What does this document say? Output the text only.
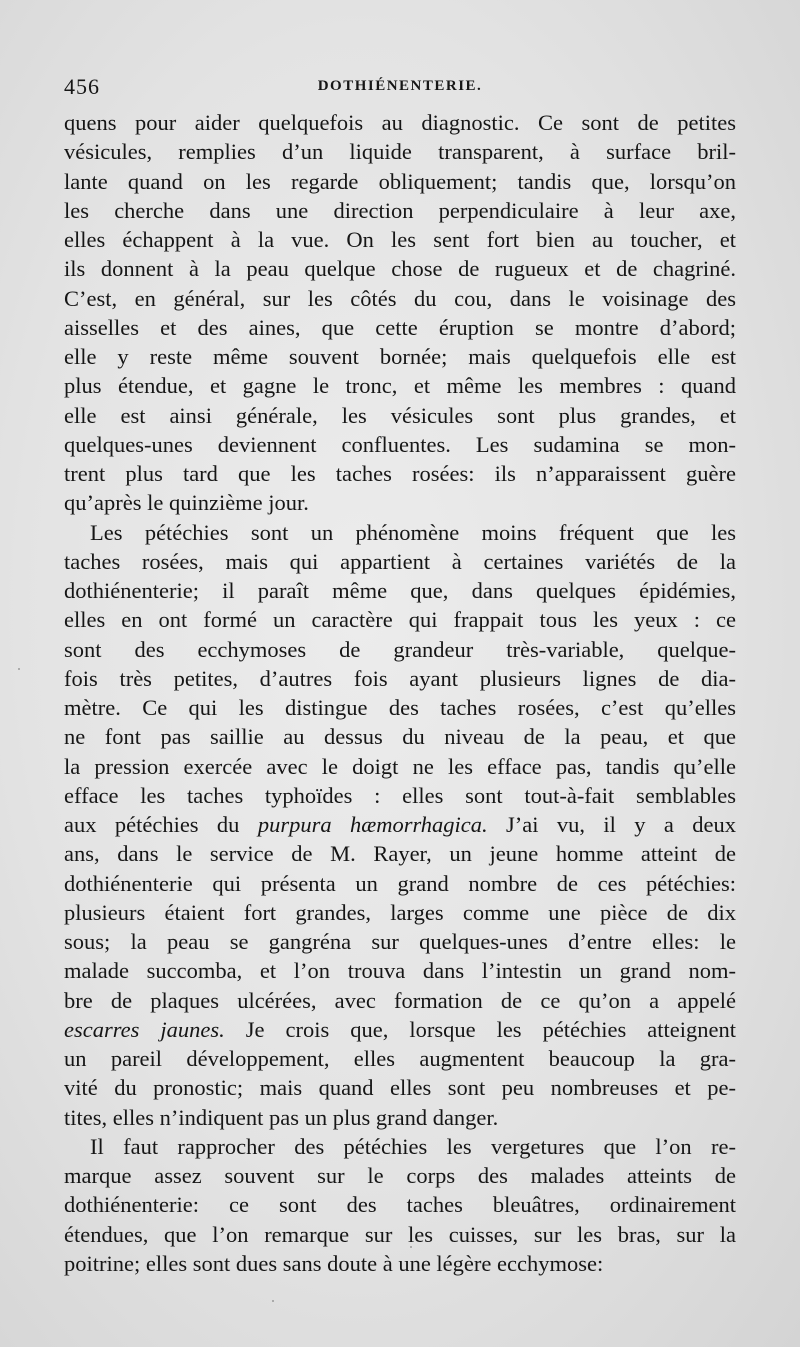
456	DOTHIÉNENTERIE.
quens pour aider quelquefois au diagnostic. Ce sont de petites
vésicules, remplies d’un liquide transparent, à surface bril-
lante quand on les regarde obliquement; tandis que, lorsqu’on
les cherche dans une direction perpendiculaire à leur axe,
elles échappent à la vue. On les sent fort bien au toucher, et
ils donnent à la peau quelque chose de rugueux et de chagriné.
C’est, en général, sur les côtés du cou, dans le voisinage des
aisselles et des aines, que cette éruption se montre d’abord;
elle y reste même souvent bornée; mais quelquefois elle est
plus étendue, et gagne le tronc, et même les membres : quand
elle est ainsi générale, les vésicules sont plus grandes, et
quelques-unes deviennent confluentes. Les sudamina se mon-
trent plus tard que les taches rosées: ils n’apparaissent guère
qu’après le quinzième jour.
Les pétéchies sont un phénomène moins fréquent que les
taches rosées, mais qui appartient à certaines variétés de la
dothiénenterie; il paraît même que, dans quelques épidémies,
elles en ont formé un caractère qui frappait tous les yeux : ce
sont des ecchymoses de grandeur très-variable, quelque-
fois très petites, d’autres fois ayant plusieurs lignes de dia-
mètre. Ce qui les distingue des taches rosées, c’est qu’elles
ne font pas saillie au dessus du niveau de la peau, et que
la pression exercée avec le doigt ne les efface pas, tandis qu’elle
efface les taches typhoïdes : elles sont tout-à-fait semblables
aux pétéchies du purpura hæmorrhagica. J’ai vu, il y a deux
ans, dans le service de M. Rayer, un jeune homme atteint de
dothiénenterie qui présenta un grand nombre de ces pétéchies:
plusieurs étaient fort grandes, larges comme une pièce de dix
sous; la peau se gangréna sur quelques-unes d’entre elles: le
malade succomba, et l’on trouva dans l’intestin un grand nom-
bre de plaques ulcérées, avec formation de ce qu’on a appelé
escarres jaunes. Je crois que, lorsque les pétéchies atteignent
un pareil développement, elles augmentent beaucoup la gra-
vité du pronostic; mais quand elles sont peu nombreuses et pe-
tites, elles n’indiquent pas un plus grand danger.
Il faut rapprocher des pétéchies les vergetures que l’on re-
marque assez souvent sur le corps des malades atteints de
dothiénenterie: ce sont des taches bleuâtres, ordinairement
étendues, que l’on remarque sur les cuisses, sur les bras, sur la
poitrine; elles sont dues sans doute à une légère ecchymose:
